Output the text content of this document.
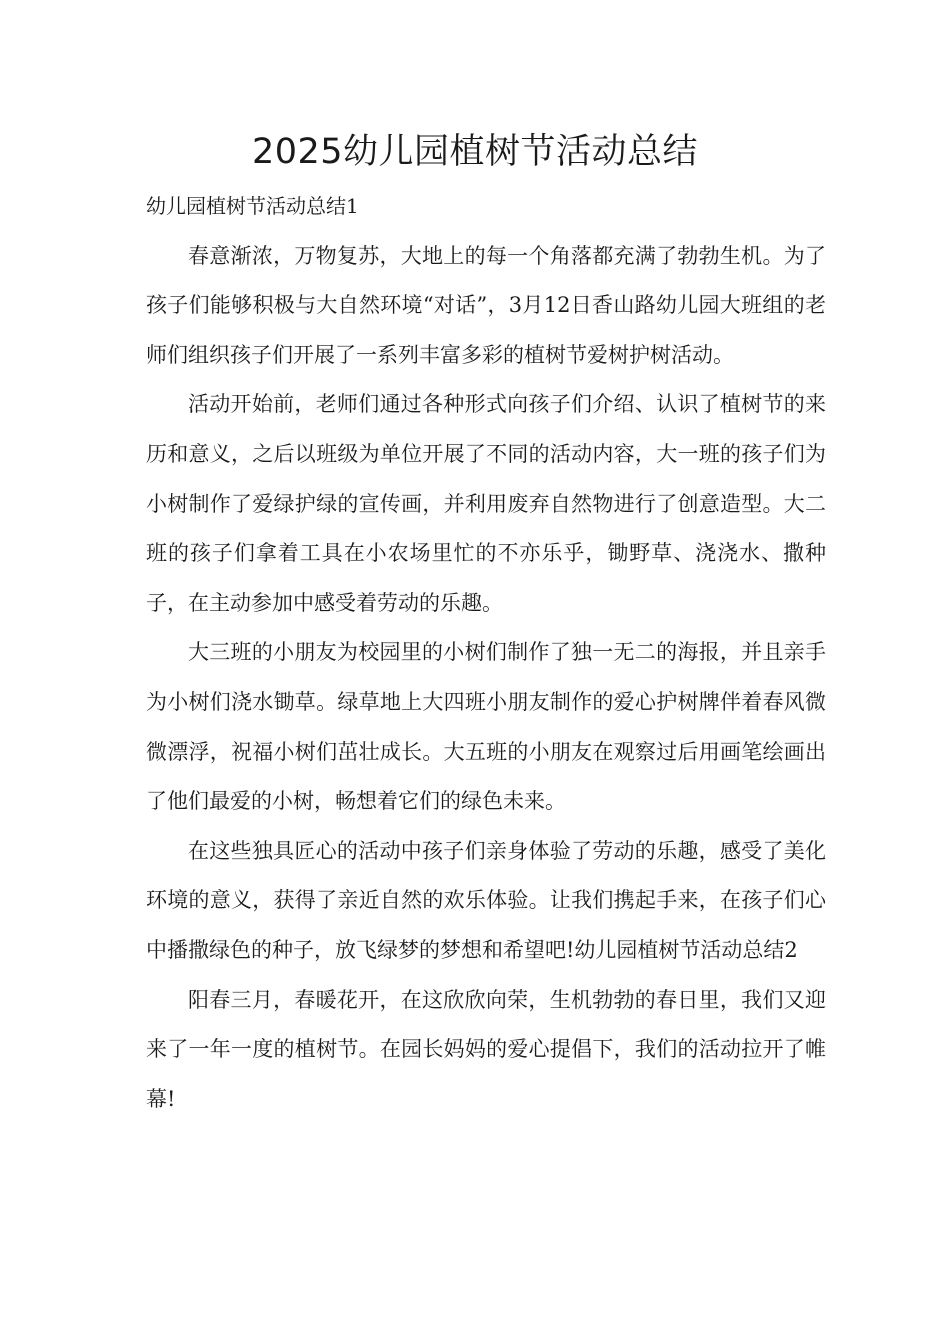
2025幼儿园植树节活动总结

幼儿园植树节活动总结1

春意渐浓，万物复苏，大地上的每一个角落都充满了勃勃生机。为了孩子们能够积极与大自然环境“对话”，3月12日香山路幼儿园大班组的老师们组织孩子们开展了一系列丰富多彩的植树节爱树护树活动。

活动开始前，老师们通过各种形式向孩子们介绍、认识了植树节的来历和意义，之后以班级为单位开展了不同的活动内容，大一班的孩子们为小树制作了爱绿护绿的宣传画，并利用废弃自然物进行了创意造型。大二班的孩子们拿着工具在小农场里忙的不亦乐乎，锄野草、浇浇水、撒种子，在主动参加中感受着劳动的乐趣。

大三班的小朋友为校园里的小树们制作了独一无二的海报，并且亲手为小树们浇水锄草。绿草地上大四班小朋友制作的爱心护树牌伴着春风微微漂浮，祝福小树们茁壮成长。大五班的小朋友在观察过后用画笔绘画出了他们最爱的小树，畅想着它们的绿色未来。

在这些独具匠心的活动中孩子们亲身体验了劳动的乐趣，感受了美化环境的意义，获得了亲近自然的欢乐体验。让我们携起手来，在孩子们心中播撒绿色的种子，放飞绿梦的梦想和希望吧!幼儿园植树节活动总结2

阳春三月，春暖花开，在这欣欣向荣，生机勃勃的春日里，我们又迎来了一年一度的植树节。在园长妈妈的爱心提倡下，我们的活动拉开了帷幕!
